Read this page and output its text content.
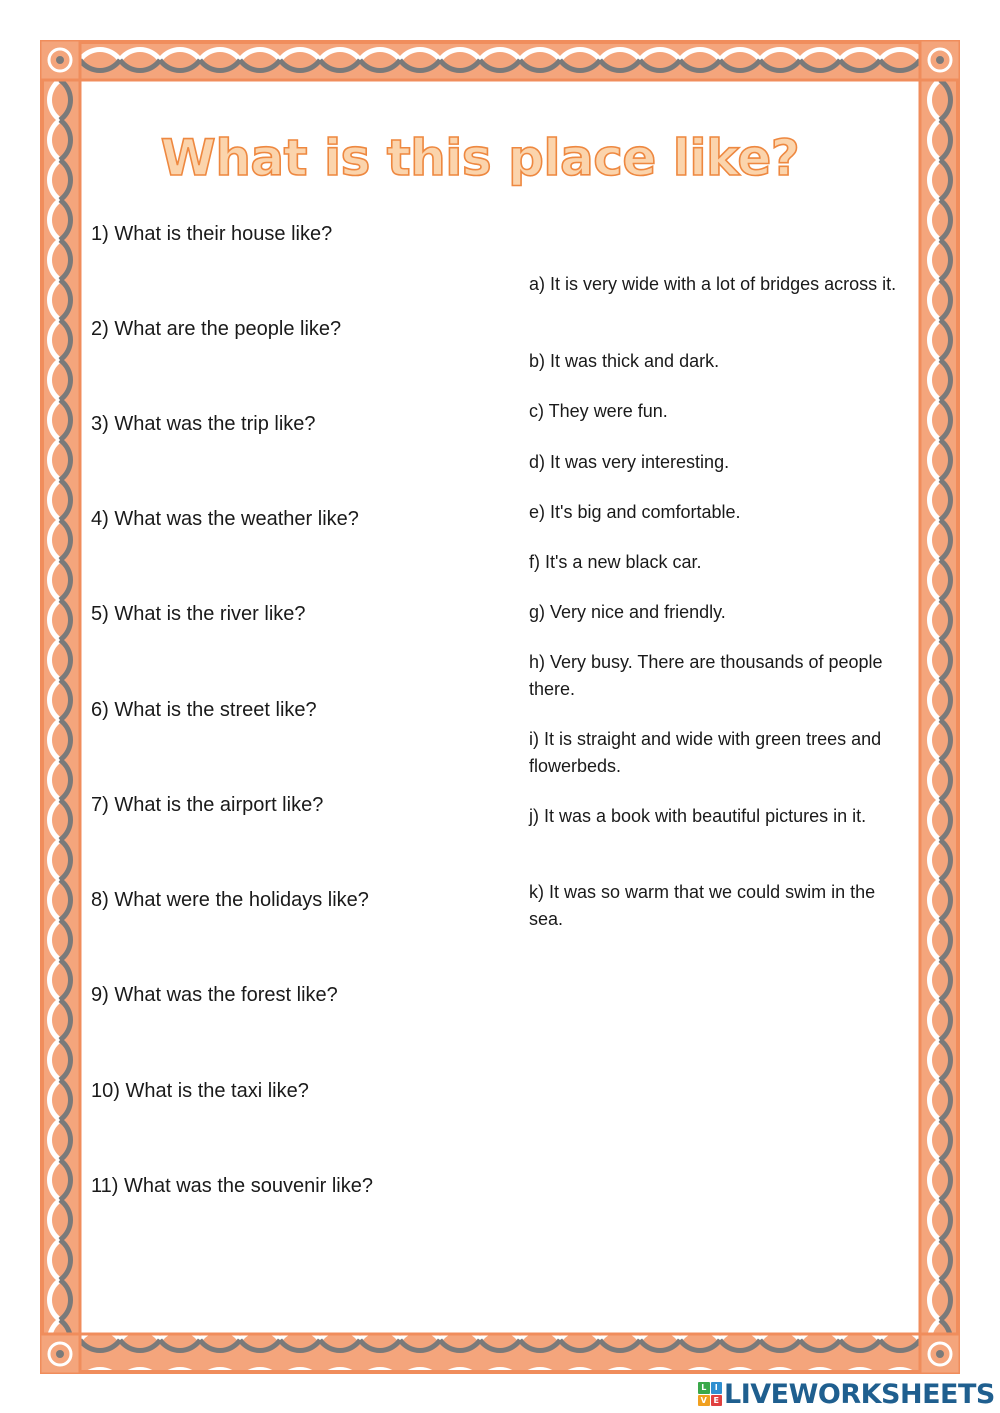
What is this place like?
1) What is their house like?
2) What are the people like?
3) What was the trip like?
4) What was the weather like?
5) What is the river like?
6) What is the street like?
7) What is the airport like?
8) What were the holidays like?
9) What was the forest like?
10) What is the taxi like?
11) What was the souvenir like?
a) It is very wide with a lot of bridges across it.
b) It was thick and dark.
c) They were fun.
d) It was very interesting.
e) It's big and comfortable.
f) It's a new black car.
g) Very nice and friendly.
h) Very busy. There are thousands of people there.
i) It is straight and wide with green trees and flowerbeds.
j) It was a book with beautiful pictures in it.
k) It was so warm that we could swim in the sea.
L	I
V E LIVEWORKSHEETS
